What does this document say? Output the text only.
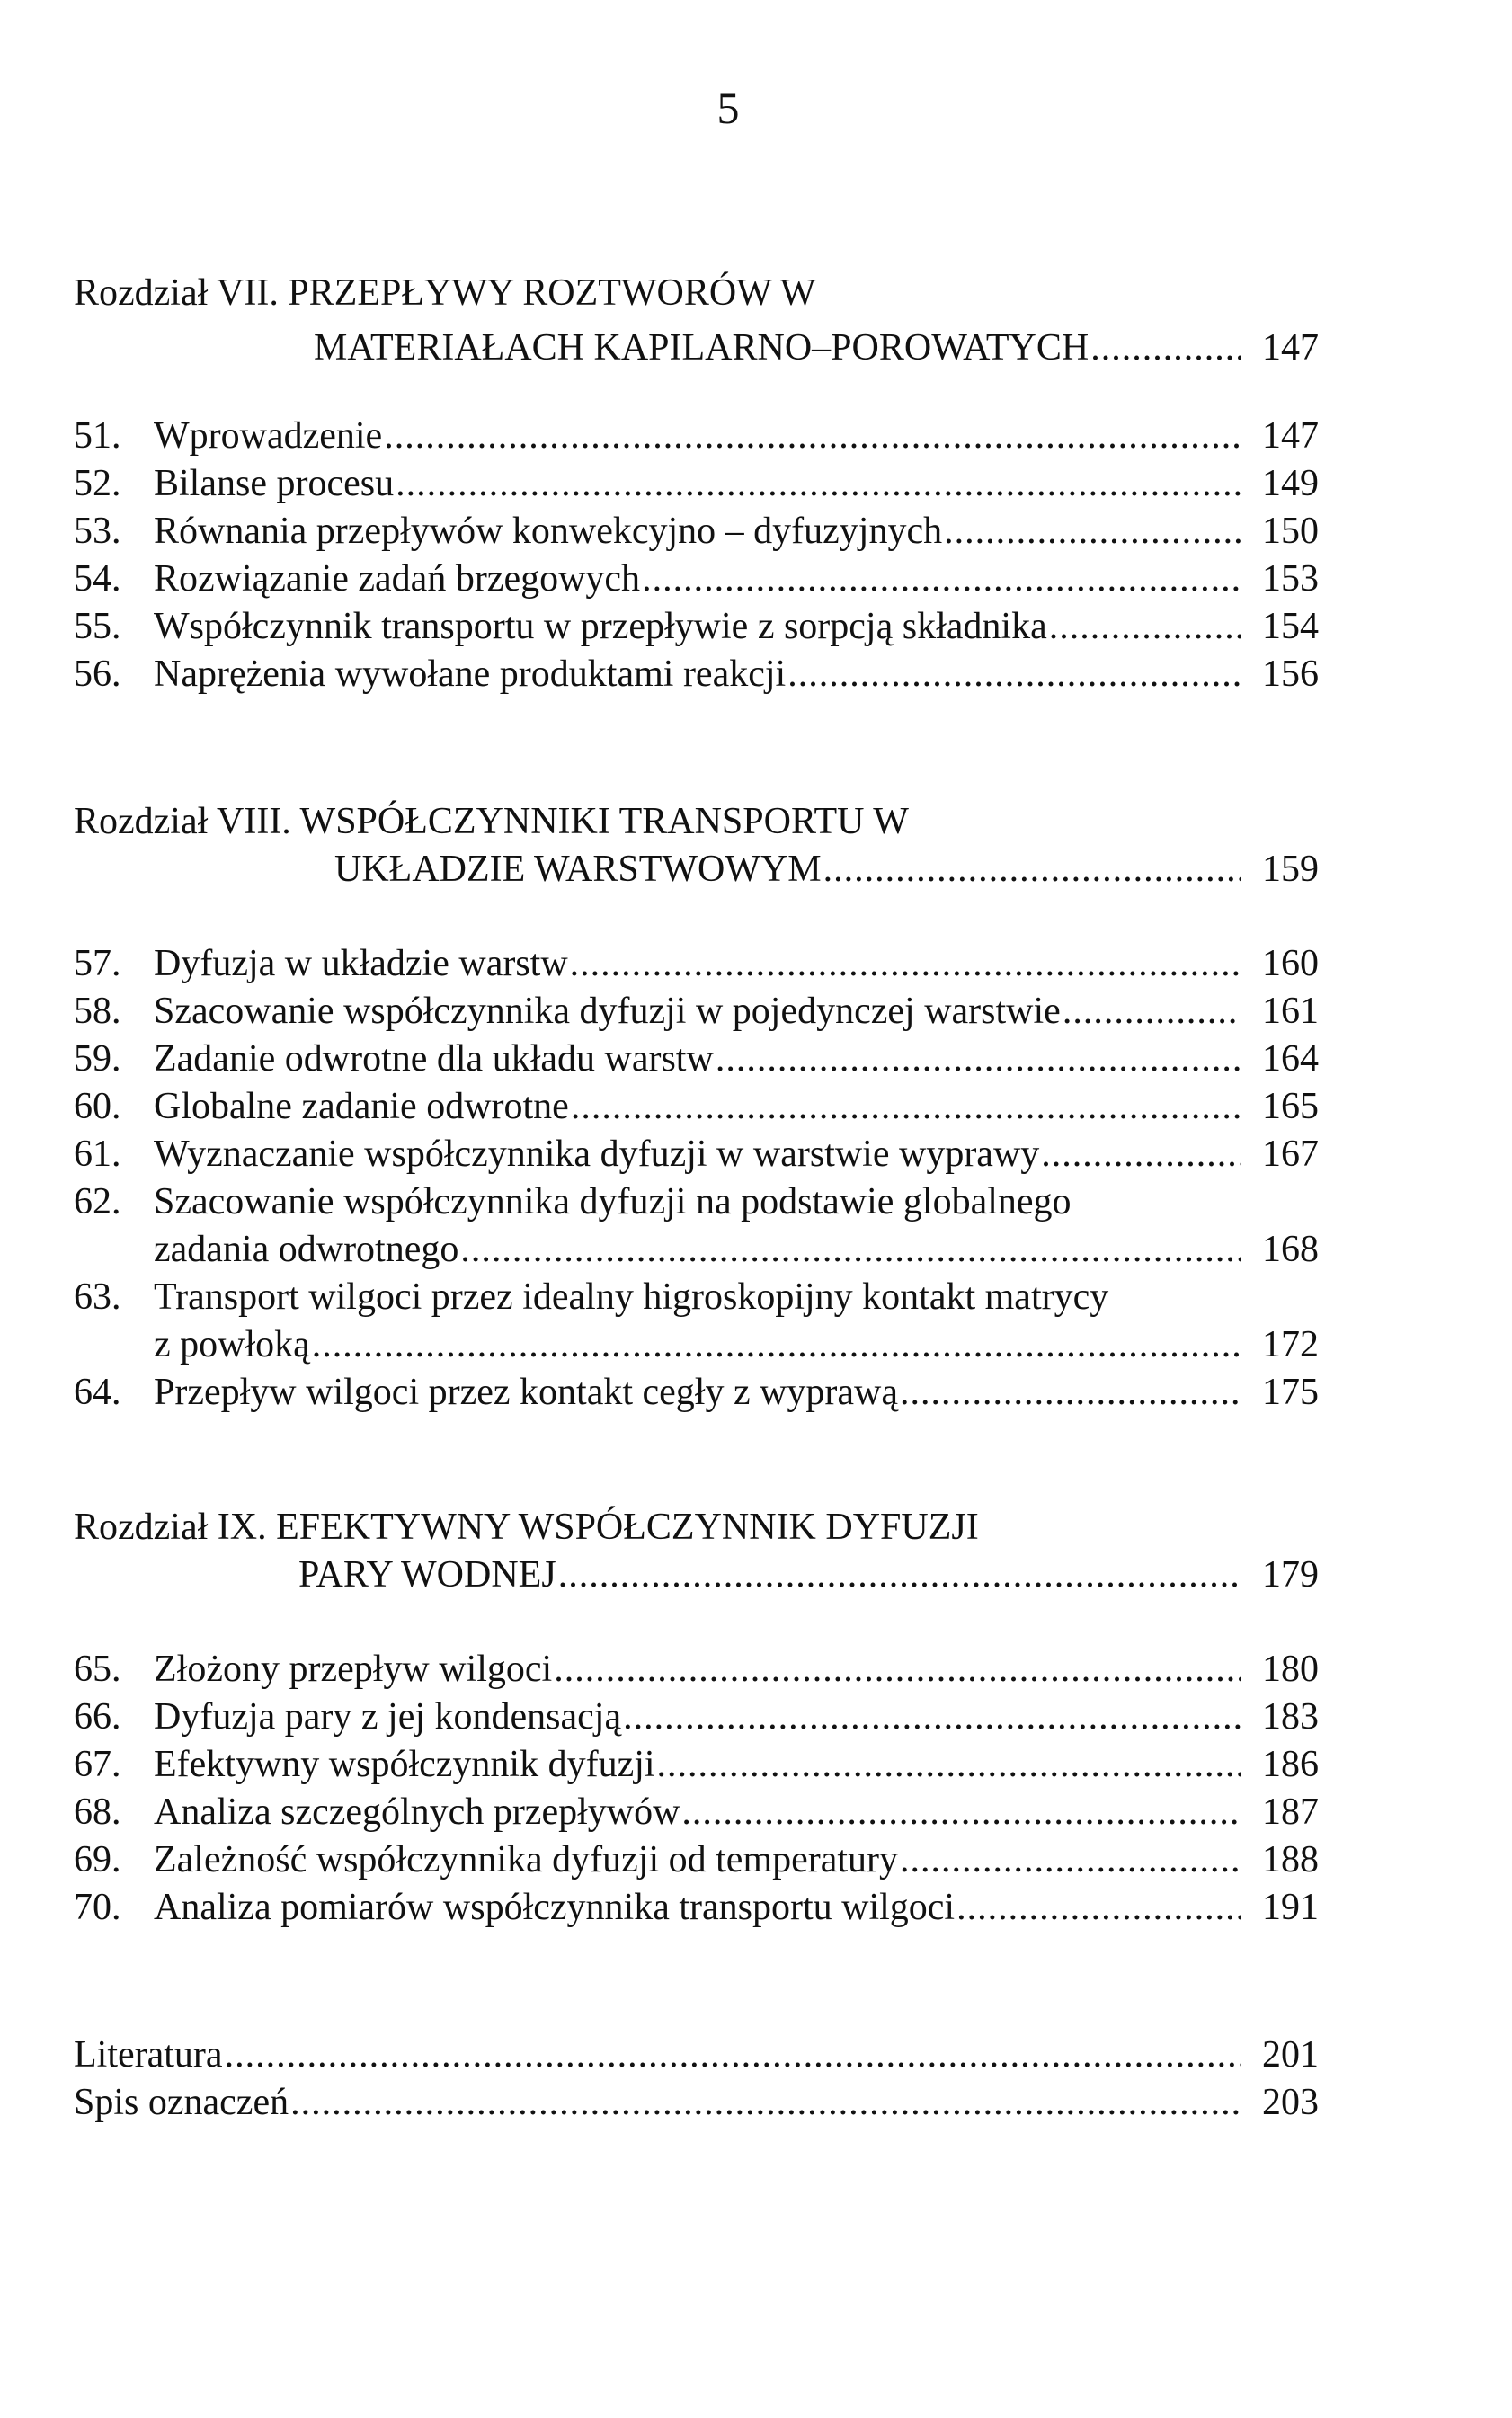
5
Rozdział VII. PRZEPŁYWY ROZTWORÓW W
MATERIAŁACH KAPILARNO–POROWATYCH .....	147
51. Wprowadzenie .....	147
52. Bilanse procesu .....	149
53. Równania przepływów konwekcyjno – dyfuzyjnych .....	150
54. Rozwiązanie zadań brzegowych .....	153
55. Współczynnik transportu w przepływie z sorpcją składnika .....	154
56. Naprężenia wywołane produktami reakcji .....	156
Rozdział VIII. WSPÓŁCZYNNIKI TRANSPORTU W
UKŁADZIE WARSTWOWYM .....	159
57. Dyfuzja w układzie warstw .....	160
58. Szacowanie współczynnika dyfuzji w pojedynczej warstwie .....	161
59. Zadanie odwrotne dla układu warstw .....	164
60. Globalne zadanie odwrotne .....	165
61. Wyznaczanie współczynnika dyfuzji w warstwie wyprawy .....	167
62. Szacowanie współczynnika dyfuzji na podstawie globalnego
zadania odwrotnego .....	168
63. Transport wilgoci przez idealny higroskopijny kontakt matrycy
z powłoką .....	172
64. Przepływ wilgoci przez kontakt cegły z wyprawą .....	175
Rozdział IX. EFEKTYWNY WSPÓŁCZYNNIK DYFUZJI
PARY WODNEJ .....	179
65. Złożony przepływ wilgoci .....	180
66. Dyfuzja pary z jej kondensacją .....	183
67. Efektywny współczynnik dyfuzji .....	186
68. Analiza szczególnych przepływów .....	187
69. Zależność współczynnika dyfuzji od temperatury .....	188
70. Analiza pomiarów współczynnika transportu wilgoci .....	191
Literatura .....	201
Spis oznaczeń .....	203
